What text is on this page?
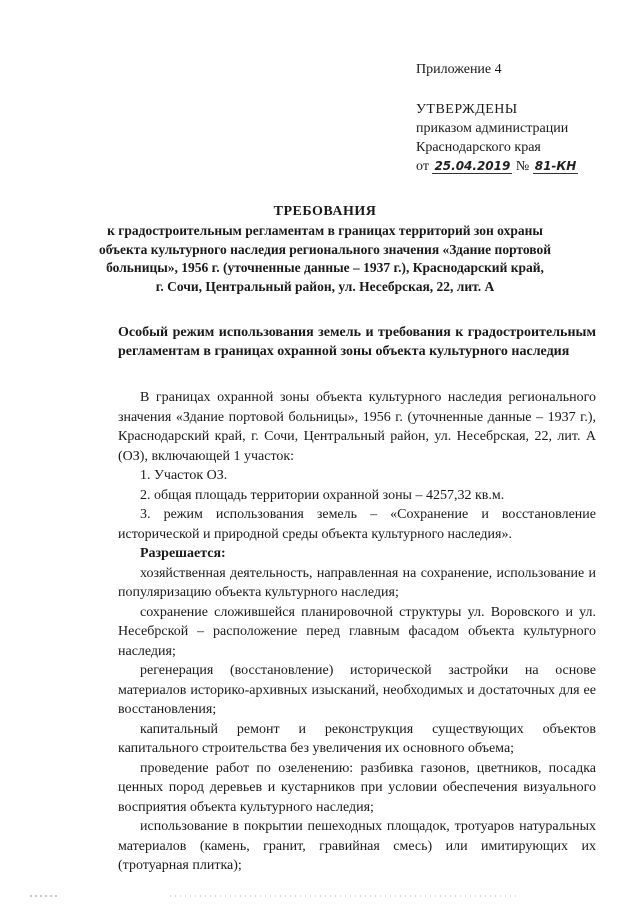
Приложение 4
УТВЕРЖДЕНЫ
приказом администрации
Краснодарского края
от 25.04.2019 № 81-КН
ТРЕБОВАНИЯ
к градостроительным регламентам в границах территорий зон охраны
объекта культурного наследия регионального значения «Здание портовой
больницы», 1956 г. (уточненные данные – 1937 г.), Краснодарский край,
г. Сочи, Центральный район, ул. Несебрская, 22, лит. А
Особый режим использования земель и требования к градостроительным регламентам в границах охранной зоны объекта культурного наследия

В границах охранной зоны объекта культурного наследия регионального значения «Здание портовой больницы», 1956 г. (уточненные данные – 1937 г.), Краснодарский край, г. Сочи, Центральный район, ул. Несебрская, 22, лит. А (ОЗ), включающей 1 участок:

1. Участок ОЗ.

2. общая площадь территории охранной зоны – 4257,32 кв.м.

3. режим использования земель – «Сохранение и восстановление исторической и природной среды объекта культурного наследия».

Разрешается:

хозяйственная деятельность, направленная на сохранение, использование и популяризацию объекта культурного наследия;

сохранение сложившейся планировочной структуры ул. Воровского и ул. Несебрской – расположение перед главным фасадом объекта культурного наследия;

регенерация (восстановление) исторической застройки на основе материалов историко-архивных изысканий, необходимых и достаточных для ее восстановления;

капитальный ремонт и реконструкция существующих объектов капитального строительства без увеличения их основного объема;

проведение работ по озеленению: разбивка газонов, цветников, посадка ценных пород деревьев и кустарников при условии обеспечения визуального восприятия объекта культурного наследия;

использование в покрытии пешеходных площадок, тротуаров натуральных материалов (камень, гранит, гравийная смесь) или имитирующих их (тротуарная плитка);
